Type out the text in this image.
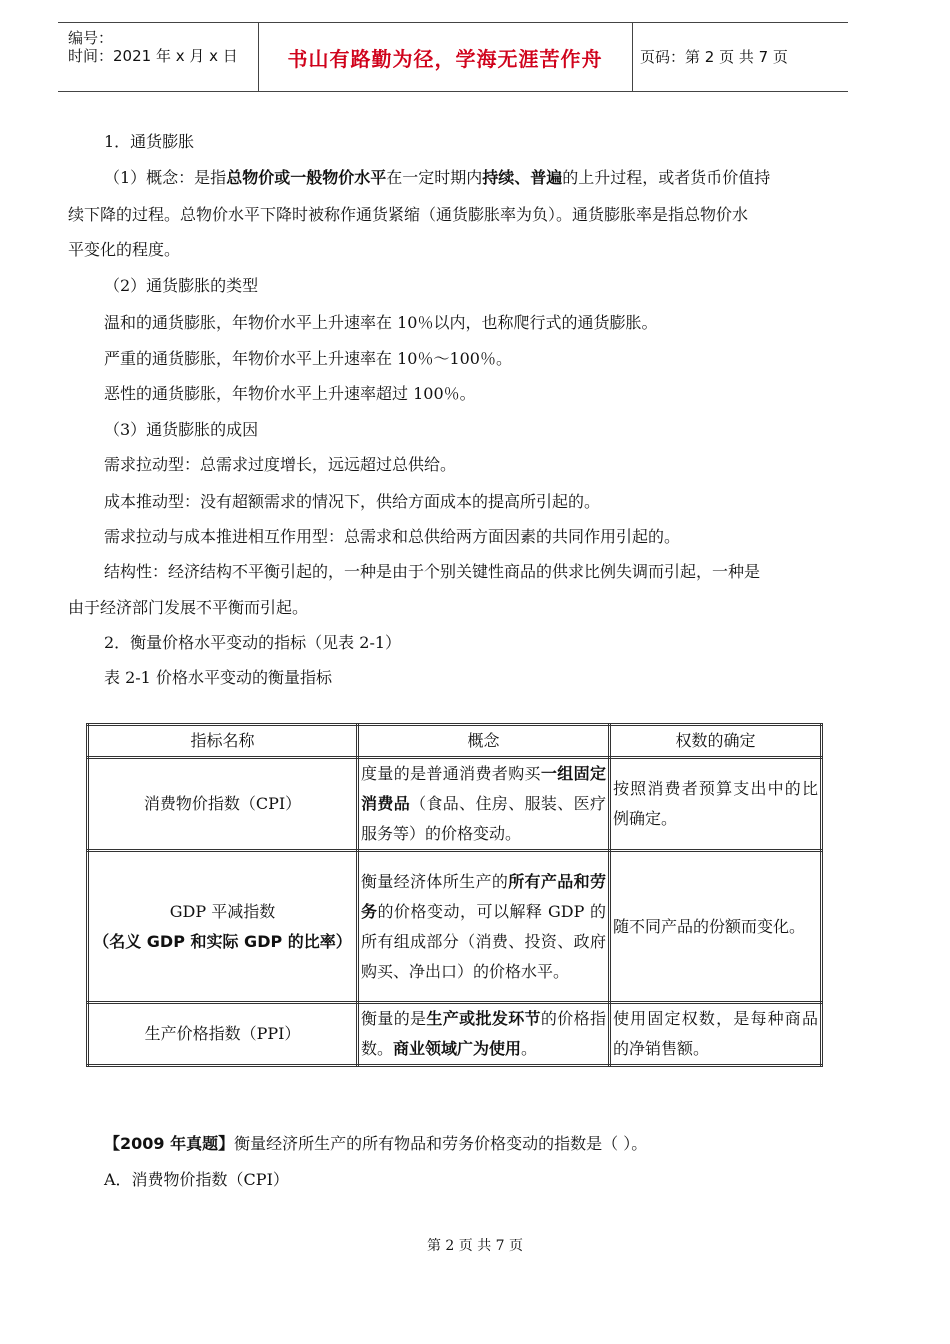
编号：
时间：2021 年 x 月 x 日 书山有路勤为径，学海无涯苦作舟	页码：第 2 页 共 7 页
1．通货膨胀
（1）概念：是指总物价或一般物价水平在一定时期内持续、普遍的上升过程，或者货币价值持
续下降的过程。总物价水平下降时被称作通货紧缩（通货膨胀率为负）。通货膨胀率是指总物价水
平变化的程度。
（2）通货膨胀的类型
温和的通货膨胀，年物价水平上升速率在 10％以内，也称爬行式的通货膨胀。
严重的通货膨胀，年物价水平上升速率在 10％～100％。
恶性的通货膨胀，年物价水平上升速率超过 100％。
（3）通货膨胀的成因
需求拉动型：总需求过度增长，远远超过总供给。
成本推动型：没有超额需求的情况下，供给方面成本的提高所引起的。
需求拉动与成本推进相互作用型：总需求和总供给两方面因素的共同作用引起的。
结构性：经济结构不平衡引起的，一种是由于个别关键性商品的供求比例失调而引起，一种是
由于经济部门发展不平衡而引起。
2．衡量价格水平变动的指标（见表 2-1）
表 2-1 价格水平变动的衡量指标
指标名称	概念	权数的确定
消费物价指数（CPI）	度量的是普通消费者购买一组固定消费品（食品、住房、服装、医疗服务等）的价格变动。	按照消费者预算支出中的比例确定。

GDP 平减指数
（名义 GDP 和实际 GDP 的比率）	衡量经济体所生产的所有产品和劳务的价格变动，可以解释 GDP 的所有组成部分（消费、投资、政府购买、净出口）的价格水平。	随不同产品的份额而变化。
生产价格指数（PPI）	衡量的是生产或批发环节的价格指数。商业领域广为使用。	使用固定权数，是每种商品的净销售额。
【2009 年真题】衡量经济所生产的所有物品和劳务价格变动的指数是（ ）。
A．消费物价指数（CPI）
第 2 页 共 7 页
